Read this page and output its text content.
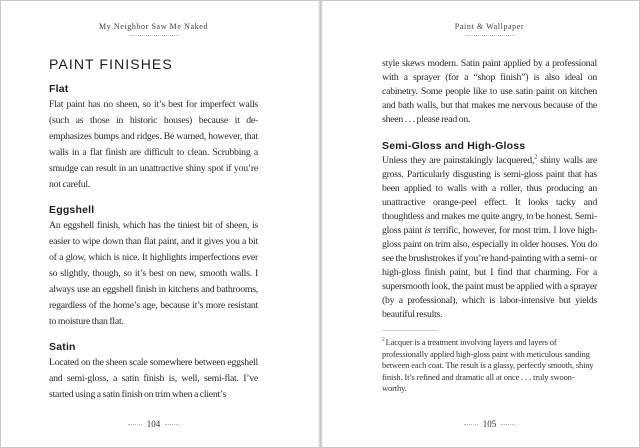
My Neighbor Saw Me Naked
PAINT FINISHES
Flat
Flat paint has no sheen, so it’s best for imperfect walls (such as those in historic houses) because it de-emphasizes bumps and ridges. Be warned, however, that walls in a flat finish are difficult to clean. Scrubbing a smudge can result in an unattractive shiny spot if you’re not careful.
Eggshell
An eggshell finish, which has the tiniest bit of sheen, is easier to wipe down than flat paint, and it gives you a bit of a glow, which is nice. It highlights imperfections ever so slightly, though, so it’s best on new, smooth walls. I always use an eggshell finish in kitchens and bathrooms, regardless of the home’s age, because it’s more resistant to moisture than flat.
Satin
Located on the sheen scale somewhere between eggshell and semi-gloss, a satin finish is, well, semi-flat. I’ve started using a satin finish on trim when a client’s
104
Paint & Wallpaper
style skews modern. Satin paint applied by a professional with a sprayer (for a “shop finish”) is also ideal on cabinetry. Some people like to use satin paint on kitchen and bath walls, but that makes me nervous because of the sheen . . . please read on.
Semi-Gloss and High-Gloss
Unless they are painstakingly lacquered,$^2$ shiny walls are gross. Particularly disgusting is semi-gloss paint that has been applied to walls with a roller, thus producing an unattractive orange-peel effect. It looks tacky and thoughtless and makes me quite angry, to be honest. Semi-gloss paint is terrific, however, for most trim. I love high-gloss paint on trim also, especially in older houses. You do see the brushstrokes if you’re hand-painting with a semi- or high-gloss finish paint, but I find that charming. For a supersmooth look, the paint must be applied with a sprayer (by a professional), which is labor-intensive but yields beautiful results.
$^2$Lacquer is a treatment involving layers and layers of professionally applied high-gloss paint with meticulous sanding between each coat. The result is a glassy, perfectly smooth, shiny finish. It’s refined and dramatic all at once . . . truly swoon-worthy.
105
